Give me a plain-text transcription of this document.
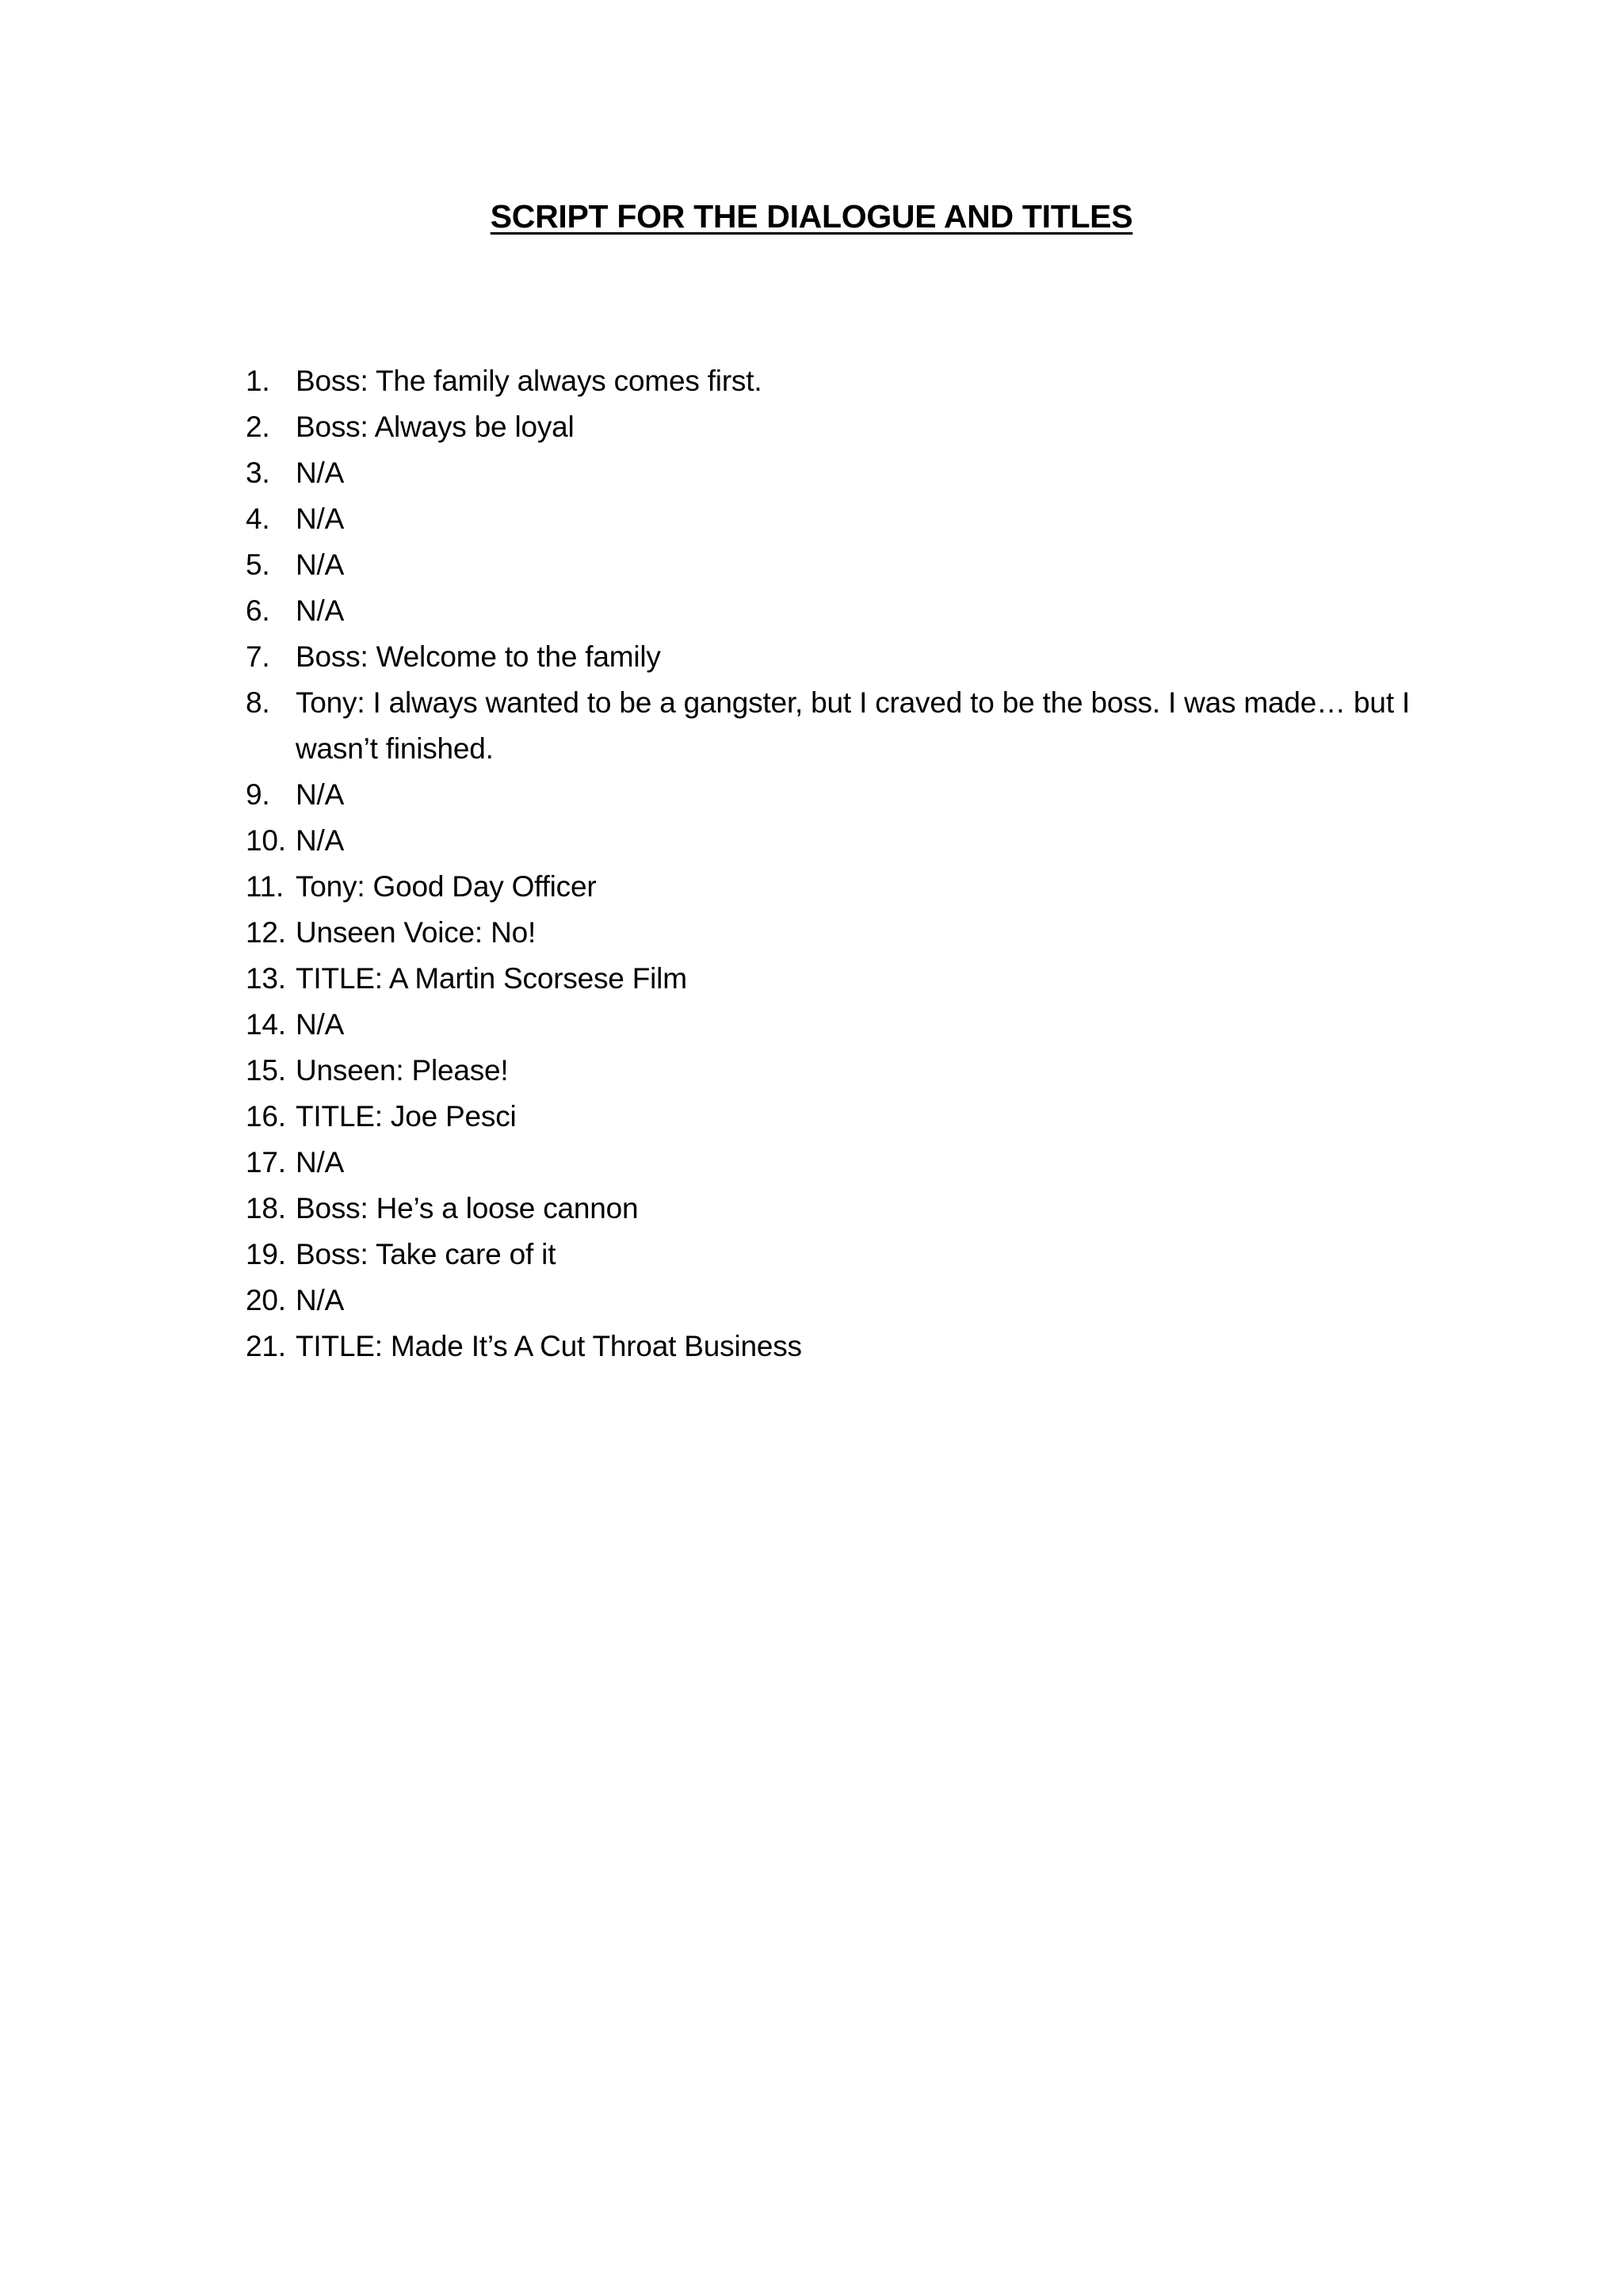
SCRIPT FOR THE DIALOGUE AND TITLES
1. Boss: The family always comes first.
2. Boss: Always be loyal
3. N/A
4. N/A
5. N/A
6. N/A
7. Boss: Welcome to the family
8. Tony: I always wanted to be a gangster, but I craved to be the boss. I was made… but I wasn’t finished.
9. N/A
10. N/A
11. Tony: Good Day Officer
12. Unseen Voice: No!
13. TITLE: A Martin Scorsese Film
14. N/A
15. Unseen: Please!
16. TITLE: Joe Pesci
17. N/A
18. Boss: He’s a loose cannon
19. Boss: Take care of it
20. N/A
21. TITLE: Made It’s A Cut Throat Business
